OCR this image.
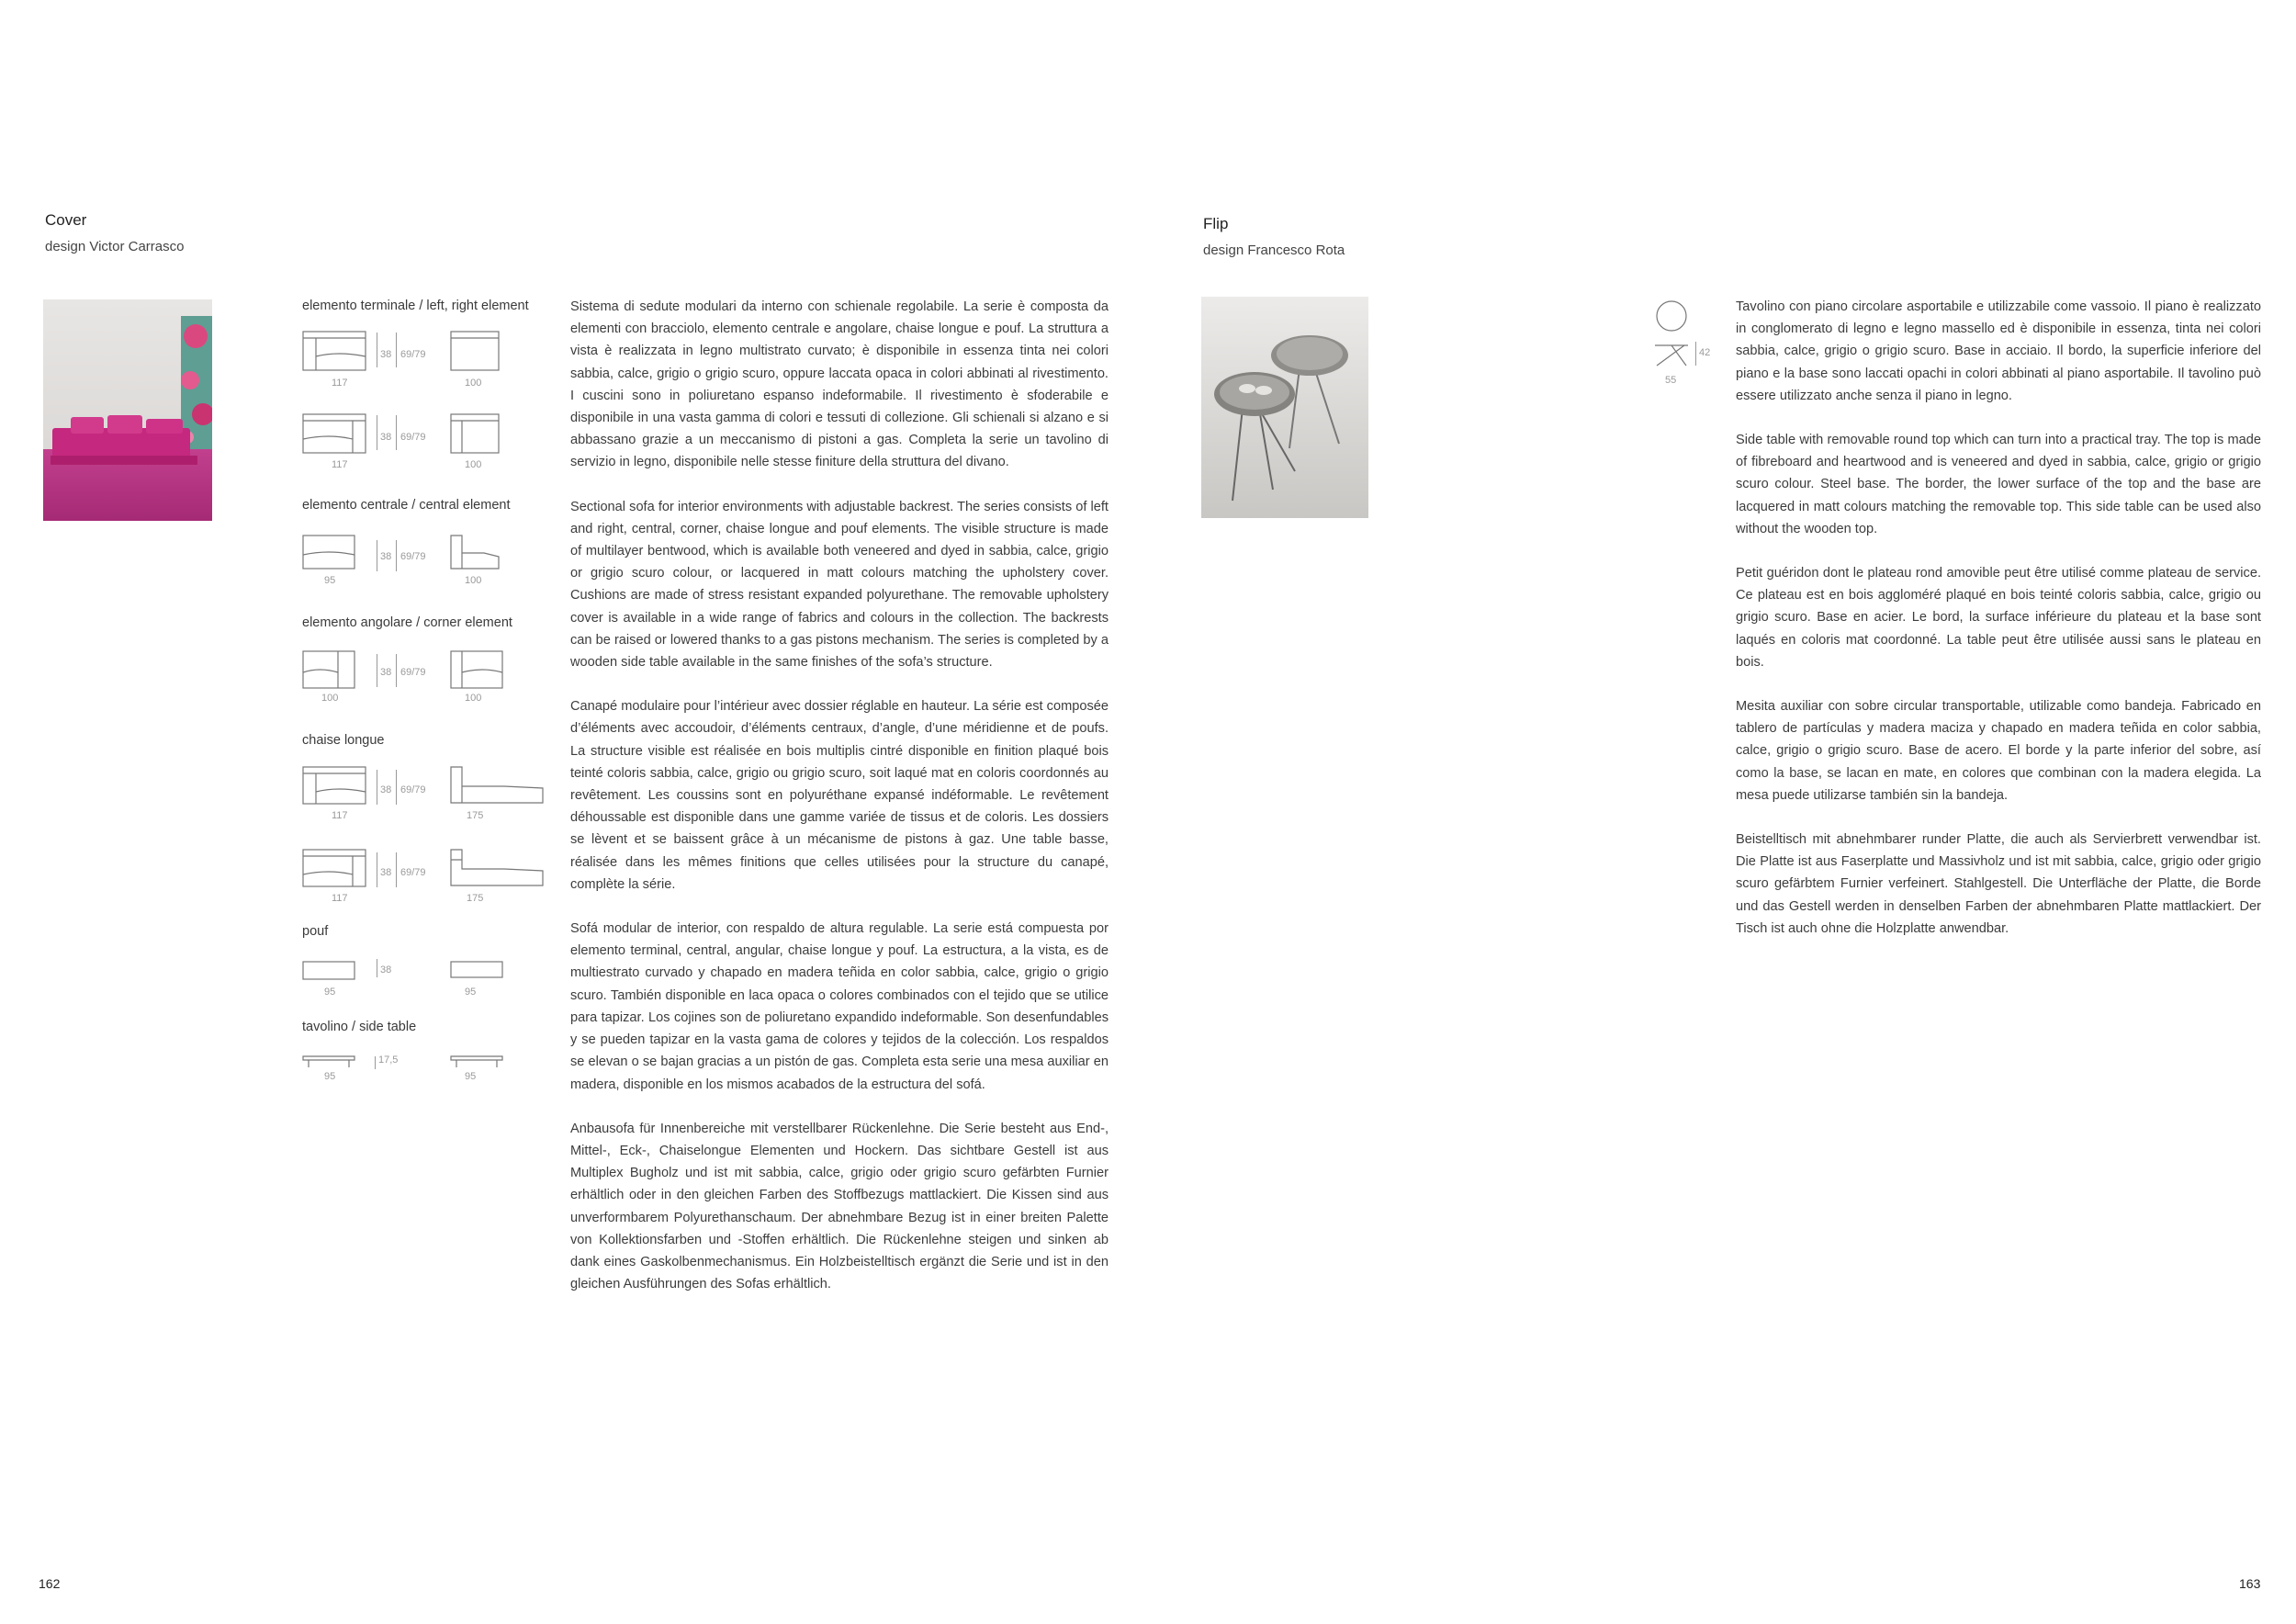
Cover
design Victor Carrasco
elemento terminale / left, right element
elemento centrale / central element
elemento angolare / corner element
chaise longue
pouf
tavolino / side table
117
38 69/79
100
117
38 69/79
100
95
38 69/79
100
100
38 69/79
100
117
38 69/79
175
117
38 69/79
175
95
38
95
95
17,5
95

Sistema di sedute modulari da interno con schienale regolabile. La serie è composta da elementi con bracciolo, elemento centrale e angolare, chaise longue e pouf. La struttura a vista è realizzata in legno multistrato curvato; è disponibile in essenza tinta nei colori sabbia, calce, grigio o grigio scuro, oppure laccata opaca in colori abbinati al rivestimento. I cuscini sono in poliuretano espanso indeformabile. Il rivestimento è sfoderabile e disponibile in una vasta gamma di colori e tessuti di collezione. Gli schienali si alzano e si abbassano grazie a un meccanismo di pistoni a gas. Completa la serie un tavolino di servizio in legno, disponibile nelle stesse finiture della struttura del divano.

Sectional sofa for interior environments with adjustable backrest. The series consists of left and right, central, corner, chaise longue and pouf elements. The visible structure is made of multilayer bentwood, which is available both veneered and dyed in sabbia, calce, grigio or grigio scuro colour, or lacquered in matt colours matching the upholstery cover. Cushions are made of stress resistant expanded polyurethane. The removable upholstery cover is available in a wide range of fabrics and colours in the collection. The backrests can be raised or lowered thanks to a gas pistons mechanism. The series is completed by a wooden side table available in the same finishes of the sofa’s structure.

Canapé modulaire pour l’intérieur avec dossier réglable en hauteur. La série est composée d’éléments avec accoudoir, d’éléments centraux, d’angle, d’une méridienne et de poufs. La structure visible est réalisée en bois multiplis cintré disponible en finition plaqué bois teinté coloris sabbia, calce, grigio ou grigio scuro, soit laqué mat en coloris coordonnés au revêtement. Les coussins sont en polyuréthane expansé indéformable. Le revêtement déhoussable est disponible dans une gamme variée de tissus et de coloris. Les dossiers se lèvent et se baissent grâce à un mécanisme de pistons à gaz. Une table basse, réalisée dans les mêmes finitions que celles utilisées pour la structure du canapé, complète la série.

Sofá modular de interior, con respaldo de altura regulable. La serie está compuesta por elemento terminal, central, angular, chaise longue y pouf. La estructura, a la vista, es de multiestrato curvado y chapado en madera teñida en color sabbia, calce, grigio o grigio scuro. También disponible en laca opaca o colores combinados con el tejido que se utilice para tapizar. Los cojines son de poliuretano expandido indeformable. Son desenfundables y se pueden tapizar en la vasta gama de colores y tejidos de la colección. Los respaldos se elevan o se bajan gracias a un pistón de gas. Completa esta serie una mesa auxiliar en madera, disponible en los mismos acabados de la estructura del sofá.

Anbausofa für Innenbereiche mit verstellbarer Rückenlehne. Die Serie besteht aus End-, Mittel-, Eck-, Chaiselongue Elementen und Hockern. Das sichtbare Gestell ist aus Multiplex Bugholz und ist mit sabbia, calce, grigio oder grigio scuro gefärbten Furnier erhältlich oder in den gleichen Farben des Stoffbezugs mattlackiert. Die Kissen sind aus unverformbarem Polyurethanschaum. Der abnehmbare Bezug ist in einer breiten Palette von Kollektionsfarben und -Stoffen erhältlich. Die Rückenlehne steigen und sinken ab dank eines Gaskolbenmechanismus. Ein Holzbeistelltisch ergänzt die Serie und ist in den gleichen Ausführungen des Sofas erhältlich.

162
Flip
design Francesco Rota
42
55

Tavolino con piano circolare asportabile e utilizzabile come vassoio. Il piano è realizzato in conglomerato di legno e legno massello ed è disponibile in essenza, tinta nei colori sabbia, calce, grigio o grigio scuro. Base in acciaio. Il bordo, la superficie inferiore del piano e la base sono laccati opachi in colori abbinati al piano asportabile. Il tavolino può essere utilizzato anche senza il piano in legno.

Side table with removable round top which can turn into a practical tray. The top is made of fibreboard and heartwood and is veneered and dyed in sabbia, calce, grigio or grigio scuro colour. Steel base. The border, the lower surface of the top and the base are lacquered in matt colours matching the removable top. This side table can be used also without the wooden top.

Petit guéridon dont le plateau rond amovible peut être utilisé comme plateau de service. Ce plateau est en bois aggloméré plaqué en bois teinté coloris sabbia, calce, grigio ou grigio scuro. Base en acier. Le bord, la surface inférieure du plateau et la base sont laqués en coloris mat coordonné. La table peut être utilisée aussi sans le plateau en bois.

Mesita auxiliar con sobre circular transportable, utilizable como bandeja. Fabricado en tablero de partículas y madera maciza y chapado en madera teñida en color sabbia, calce, grigio o grigio scuro. Base de acero. El borde y la parte inferior del sobre, así como la base, se lacan en mate, en colores que combinan con la madera elegida. La mesa puede utilizarse también sin la bandeja.

Beistelltisch mit abnehmbarer runder Platte, die auch als Servierbrett verwendbar ist. Die Platte ist aus Faserplatte und Massivholz und ist mit sabbia, calce, grigio oder grigio scuro gefärbtem Furnier verfeinert. Stahlgestell. Die Unterfläche der Platte, die Borde und das Gestell werden in denselben Farben der abnehmbaren Platte mattlackiert. Der Tisch ist auch ohne die Holzplatte anwendbar.

163
